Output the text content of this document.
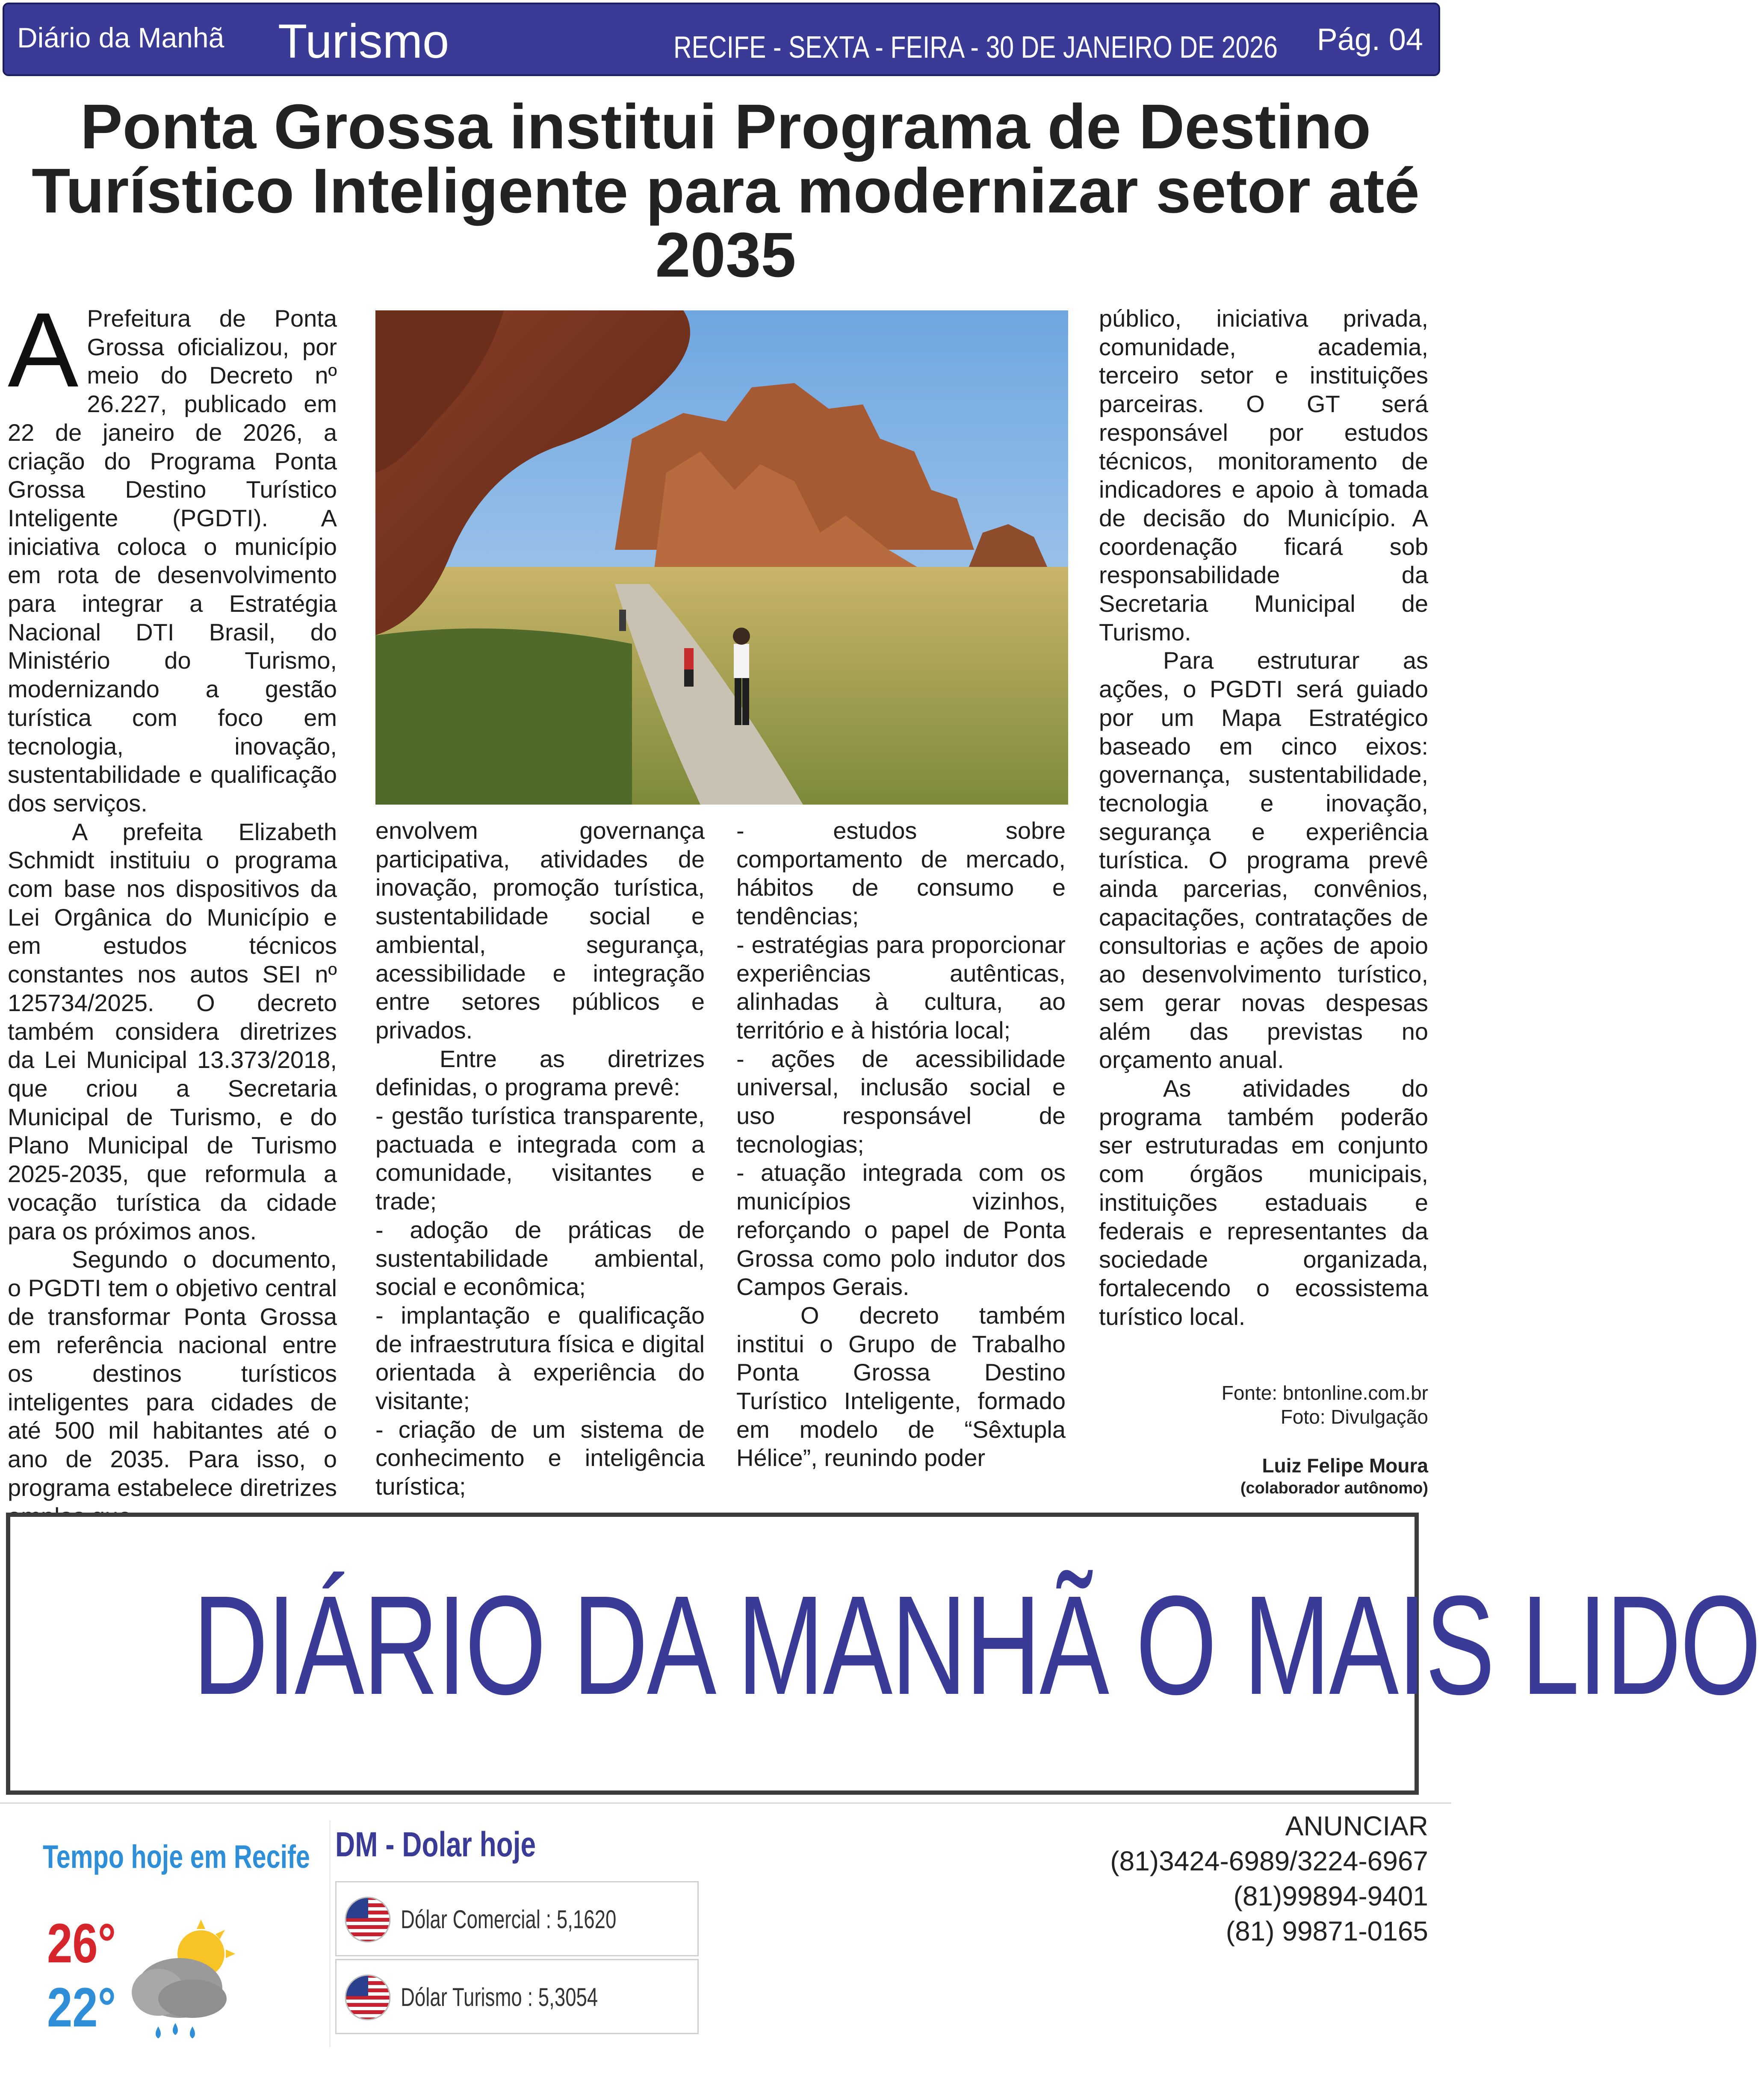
Diário da Manhã Turismo	RECIFE - SEXTA - FEIRA - 30 DE JANEIRO DE 2026 Pág. 04
Ponta Grossa institui Programa de Destino Turístico Inteligente para modernizar setor até 2035

A Prefeitura de Ponta Grossa oficializou, por meio do Decreto nº 26.227, publicado em 22 de janeiro de 2026, a criação do Programa Ponta Grossa Destino Turístico Inteligente (PGDTI). A iniciativa coloca o município em rota de desenvolvimento para integrar a Estratégia Nacional DTI Brasil, do Ministério do Turismo, modernizando a gestão turística com foco em tecnologia, inovação, sustentabilidade e qualificação dos serviços.

A prefeita Elizabeth Schmidt instituiu o programa com base nos dispositivos da Lei Orgânica do Município e em estudos técnicos constantes nos autos SEI nº 125734/2025. O decreto também considera diretrizes da Lei Municipal 13.373/2018, que criou a Secretaria Municipal de Turismo, e do Plano Municipal de Turismo 2025-2035, que reformula a vocação turística da cidade para os próximos anos.

Segundo o documento, o PGDTI tem o objetivo central de transformar Ponta Grossa em referência nacional entre os destinos turísticos inteligentes para cidades de até 500 mil habitantes até o ano de 2035. Para isso, o programa estabelece diretrizes

envolvem governança participativa, atividades de inovação, promoção turística, sustentabilidade social e ambiental, segurança, acessibilidade e integração entre setores públicos e privados.

Entre as diretrizes definidas, o programa prevê:

- gestão turística transparente, pactuada e integrada com a comunidade, visitantes e trade;

- adoção de práticas de sustentabilidade ambiental, social e econômica;

- implantação e qualificação de infraestrutura física e digital orientada à experiência do visitante;

- criação de um sistema de conhecimento e inteligência turística;

- estudos sobre comportamento de mercado, hábitos de consumo e tendências;

- estratégias para proporcionar experiências autênticas, alinhadas à cultura, ao território e à história local;

- ações de acessibilidade universal, inclusão social e uso responsável de tecnologias;

- atuação integrada com os municípios vizinhos, reforçando o papel de Ponta Grossa como polo indutor dos Campos Gerais.

O decreto também institui o Grupo de Trabalho Ponta Grossa Destino Turístico Inteligente, formado em modelo de “Sêxtupla Hélice”, reunindo poder

público, iniciativa privada, comunidade, academia, terceiro setor e instituições parceiras. O GT será responsável por estudos técnicos, monitoramento de indicadores e apoio à tomada de decisão do Município. A coordenação ficará sob responsabilidade da Secretaria Municipal de Turismo.

Para estruturar as ações, o PGDTI será guiado por um Mapa Estratégico baseado em cinco eixos: governança, sustentabilidade, tecnologia e inovação, segurança e experiência turística. O programa prevê ainda parcerias, convênios, capacitações, contratações de consultorias e ações de apoio ao desenvolvimento turístico, sem gerar novas despesas além das previstas no orçamento anual.

As atividades do programa também poderão ser estruturadas em conjunto com órgãos municipais, instituições estaduais e federais e representantes da sociedade organizada, fortalecendo o ecossistema turístico local.

Fonte: bntonline.com.br
Foto: Divulgação
Luiz Felipe Moura
(colaborador autônomo)
DIÁRIO DA MANHÃ O MAIS LIDO
Tempo hoje em Recife
26°
22°
DM - Dolar hoje
Dólar Comercial : 5,1620
Dólar Turismo : 5,3054
ANUNCIAR
(81)3424-6989/3224-6967
(81)99894-9401
(81) 99871-0165
